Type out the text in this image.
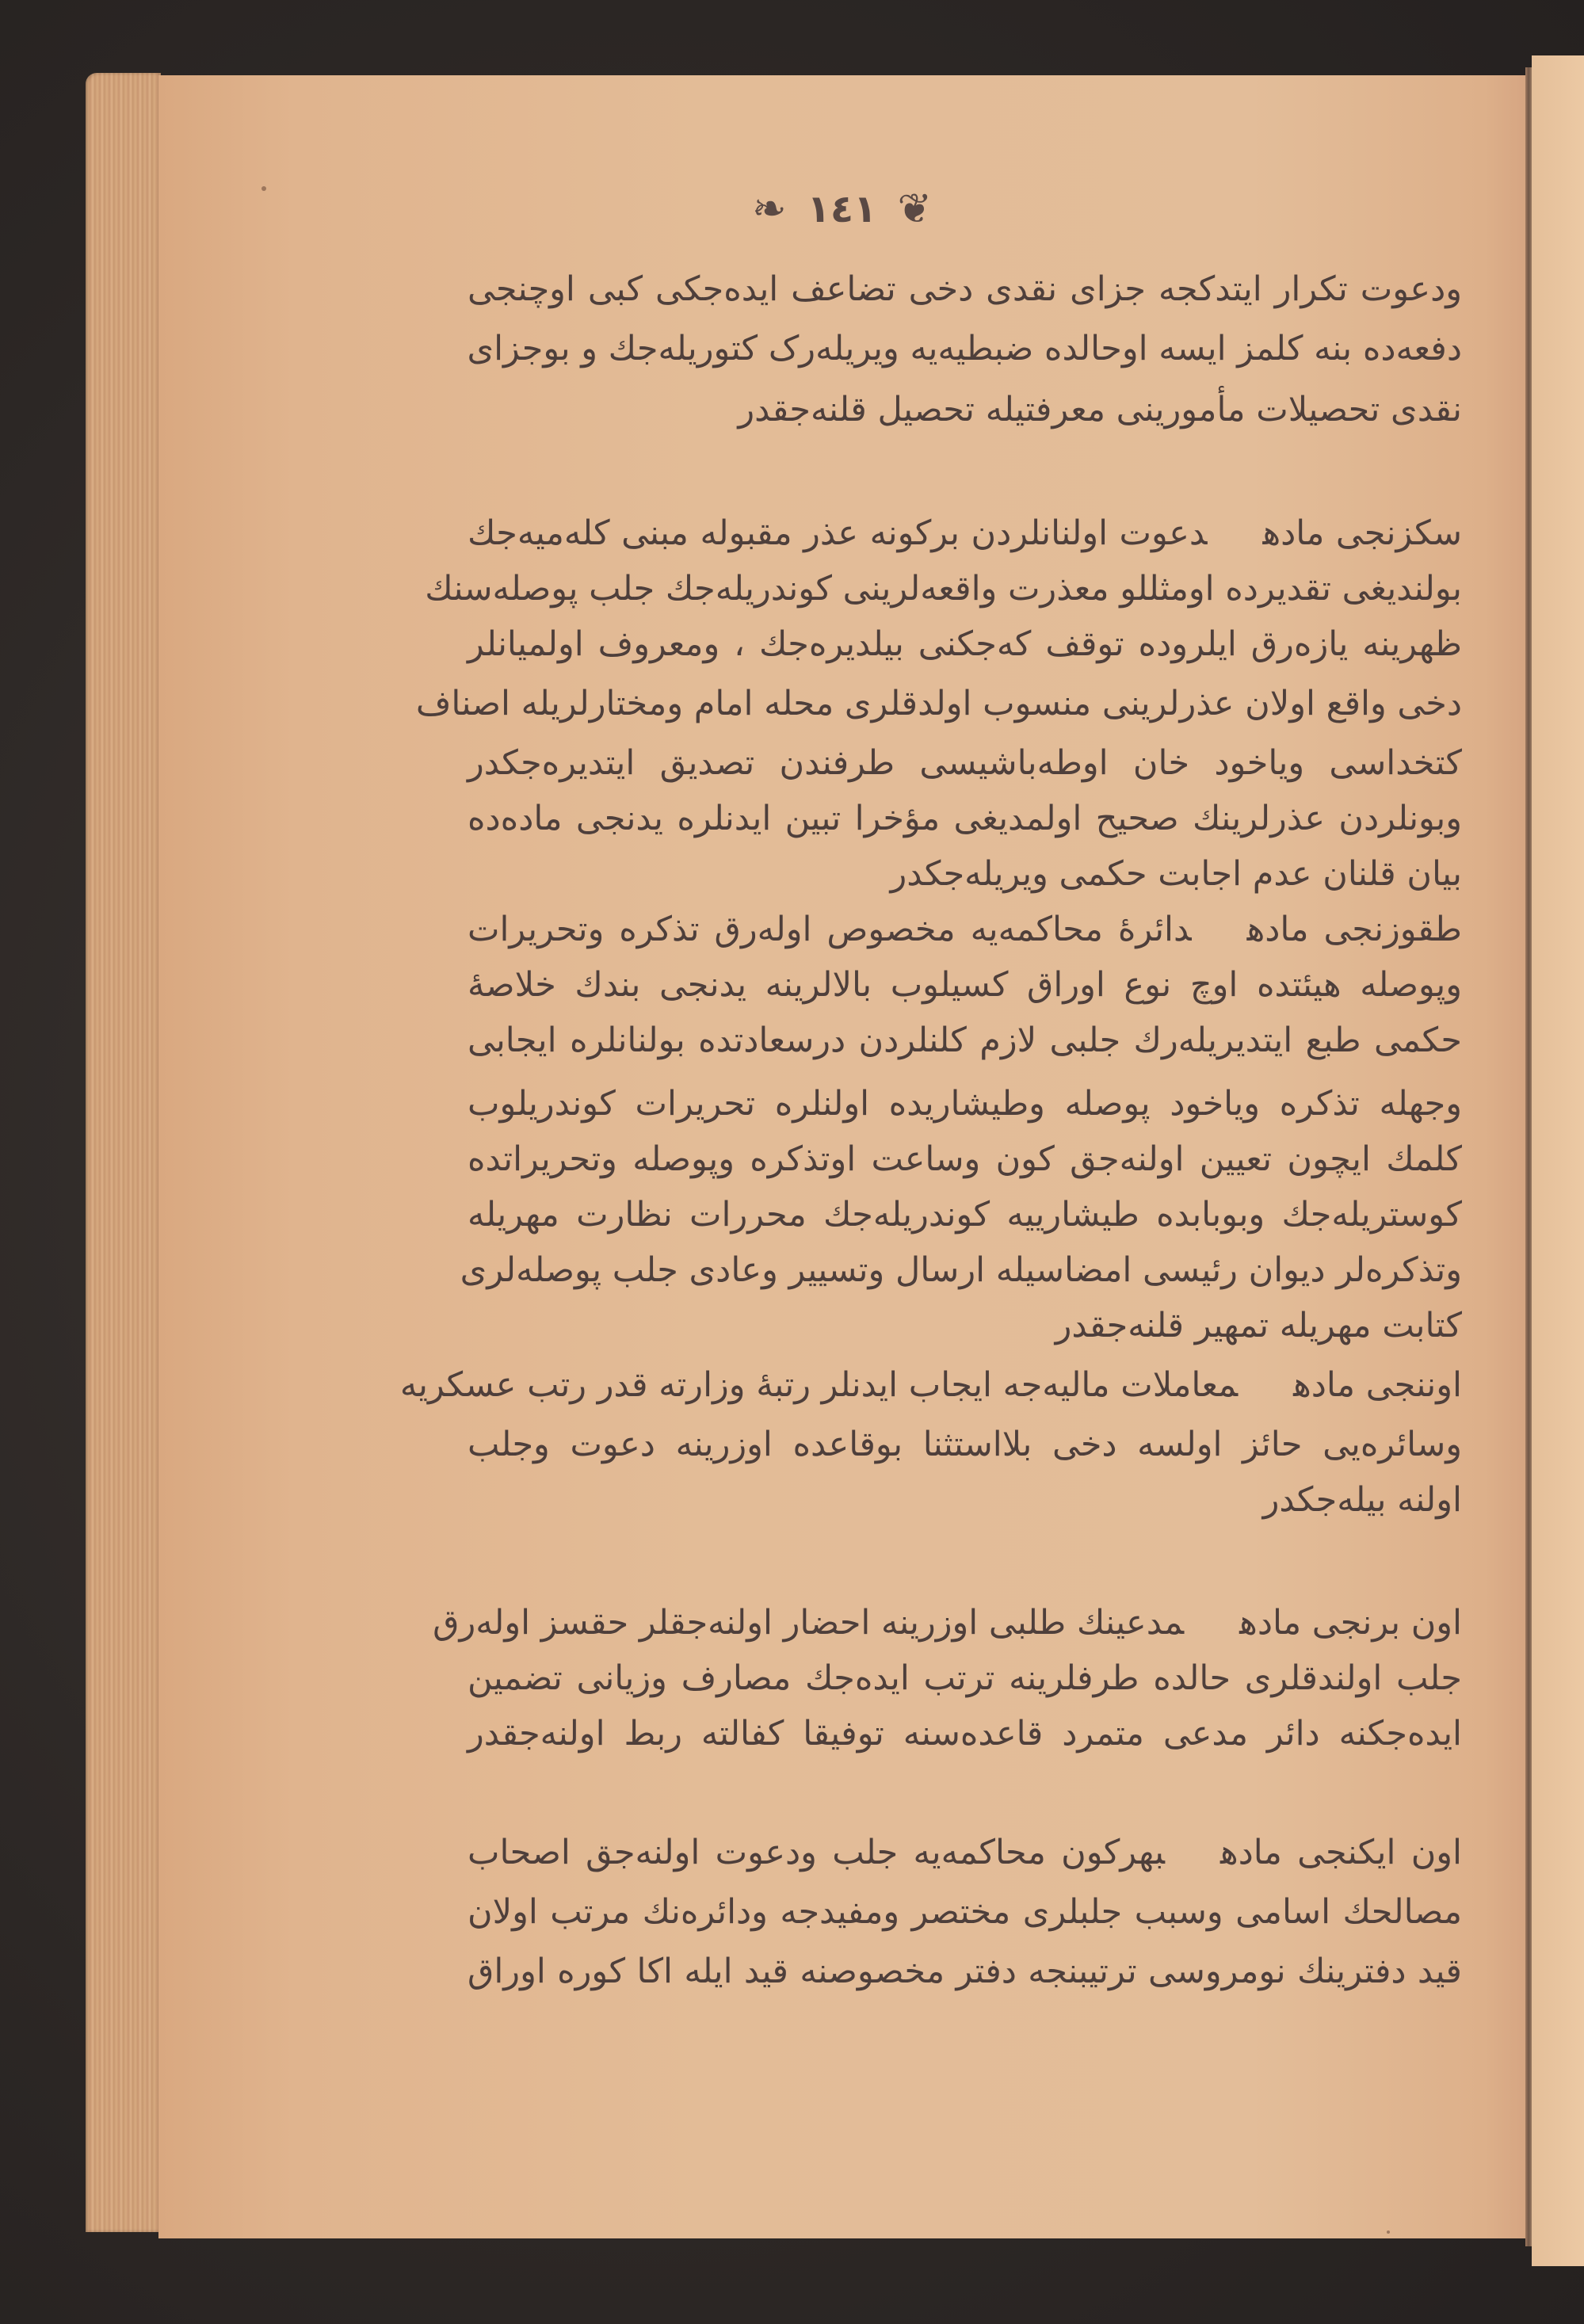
❧ ١٤١ ❦
ودعوت تکرار ایتدکجه جزای نقدی دخی تضاعف ایده‌جکی کبی اوچنجی
دفعه‌ده بنه کلمز ایسه اوحالده ضبطیه‌یه ویریله‌رک کتوریله‌جك و بوجزای
نقدی تحصیلات مأمورینی معرفتیله تحصیل قلنه‌جقدر
سکزنجی مادهدعوت اولنانلردن برکونه عذر مقبوله مبنی کله‌میه‌جك
بولندیغی تقدیرده اومثللو معذرت واقعه‌لرینی کوندریله‌جك جلب پوصله‌سنك
ظهرینه یازه‌رق ایلروده توقف که‌جکنی بیلدیره‌جك ، ومعروف اولمیانلر
دخی واقع اولان عذرلرینی منسوب اولدقلری محله امام ومختارلریله اصناف
کتخداسی ویاخود خان اوطه‌باشیسی طرفندن تصدیق ایتدیره‌جکدر
وبونلردن عذرلرینك صحیح اولمدیغی مؤخرا تبین ایدنلره یدنجی ماده‌ده
بیان قلنان عدم اجابت حکمی ویریله‌جکدر
طقوزنجی مادهدائرهٔ محاکمه‌یه مخصوص اوله‌رق تذکره وتحریرات
وپوصله هیئتده اوچ نوع اوراق کسیلوب بالالرینه یدنجی بندك خلاصهٔ
حکمی طبع ایتدیریله‌رك جلبی لازم کلنلردن درسعادتده بولنانلره ایجابی
وجهله تذکره ویاخود پوصله وطیشاریده اولنلره تحریرات کوندریلوب
کلمك ایچون تعیین اولنه‌جق کون وساعت اوتذکره وپوصله وتحریراتده
کوستریله‌جك وبوبابده طیشارییه کوندریله‌جك محررات نظارت مهریله
وتذکره‌لر دیوان رئیسی امضاسیله ارسال وتسییر وعادی جلب پوصله‌لری
کتابت مهریله تمهیر قلنه‌جقدر
اوننجی مادهمعاملات مالیه‌جه ایجاب ایدنلر رتبهٔ وزارته قدر رتب عسکریه
وسائره‌یی حائز اولسه دخی بلااستثنا بوقاعده اوزرینه دعوت وجلب
اولنه بیله‌جکدر
اون برنجی مادهمدعینك طلبی اوزرینه احضار اولنه‌جقلر حقسز اوله‌رق
جلب اولندقلری حالده طرفلرینه ترتب ایده‌جك مصارف وزیانی تضمین
ایده‌جکنه دائر مدعی متمرد قاعده‌سنه توفیقا کفالته ربط اولنه‌جقدر
اون ایکنجی مادهبهرکون محاکمه‌یه جلب ودعوت اولنه‌جق اصحاب
مصالحك اسامی وسبب جلبلری مختصر ومفیدجه ودائره‌نك مرتب اولان
قید دفترینك نومروسی ترتیبنجه دفتر مخصوصنه قید ایله اکا کوره اوراق
